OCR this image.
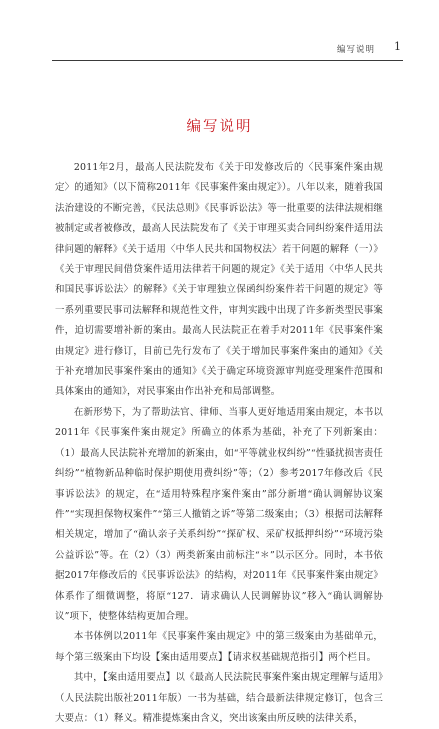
编写说明 1
编写说明

2011年2月，最高人民法院发布《关于印发修改后的〈民事案件案由规定〉的通知》（以下简称2011年《民事案件案由规定》）。八年以来，随着我国法治建设的不断完善，《民法总则》《民事诉讼法》等一批重要的法律法规相继被制定或者被修改，最高人民法院发布了《关于审理买卖合同纠纷案件适用法律问题的解释》《关于适用〈中华人民共和国物权法〉若干问题的解释（一）》《关于审理民间借贷案件适用法律若干问题的规定》《关于适用〈中华人民共和国民事诉讼法〉的解释》《关于审理独立保函纠纷案件若干问题的规定》等一系列重要民事司法解释和规范性文件，审判实践中出现了许多新类型民事案件，迫切需要增补新的案由。最高人民法院正在着手对2011年《民事案件案由规定》进行修订，目前已先行发布了《关于增加民事案件案由的通知》《关于补充增加民事案件案由的通知》《关于确定环境资源审判庭受理案件范围和具体案由的通知》，对民事案由作出补充和局部调整。

在新形势下，为了帮助法官、律师、当事人更好地适用案由规定，本书以2011年《民事案件案由规定》所确立的体系为基础，补充了下列新案由：（1）最高人民法院补充增加的新案由，如“平等就业权纠纷”“性骚扰损害责任纠纷”“植物新品种临时保护期使用费纠纷”等；（2）参考2017年修改后《民事诉讼法》的规定，在“适用特殊程序案件案由”部分新增“确认调解协议案件”“实现担保物权案件”“第三人撤销之诉”等第二级案由；（3）根据司法解释相关规定，增加了“确认亲子关系纠纷”“探矿权、采矿权抵押纠纷”“环境污染公益诉讼”等。在（2）（3）两类新案由前标注“＊”以示区分。同时，本书依据2017年修改后的《民事诉讼法》的结构，对2011年《民事案件案由规定》体系作了细微调整，将原“127．请求确认人民调解协议”移入“确认调解协议”项下，使整体结构更加合理。

本书体例以2011年《民事案件案由规定》中的第三级案由为基础单元，每个第三级案由下均设【案由适用要点】【请求权基础规范指引】两个栏目。

其中，【案由适用要点】以《最高人民法院民事案件案由规定理解与适用》（人民法院出版社2011年版）一书为基础，结合最新法律规定修订，包含三大要点：（1）释义。精准提炼案由含义，突出该案由所反映的法律关系，
